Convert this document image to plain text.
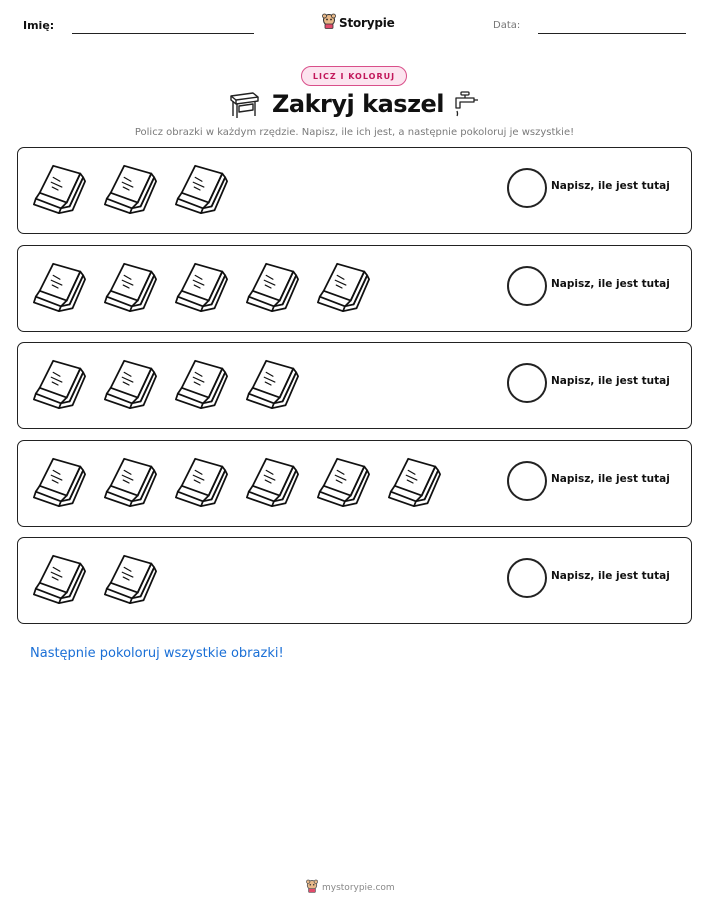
Imię:	Storypie	Data:
LICZ I KOLORUJ
Zakryj kaszel
Policz obrazki w każdym rzędzie. Napisz, ile ich jest, a następnie pokoloruj je wszystkie!
Napisz, ile jest tutaj
Napisz, ile jest tutaj
Napisz, ile jest tutaj
Napisz, ile jest tutaj
Napisz, ile jest tutaj
Następnie pokoloruj wszystkie obrazki!
mystorypie.com
